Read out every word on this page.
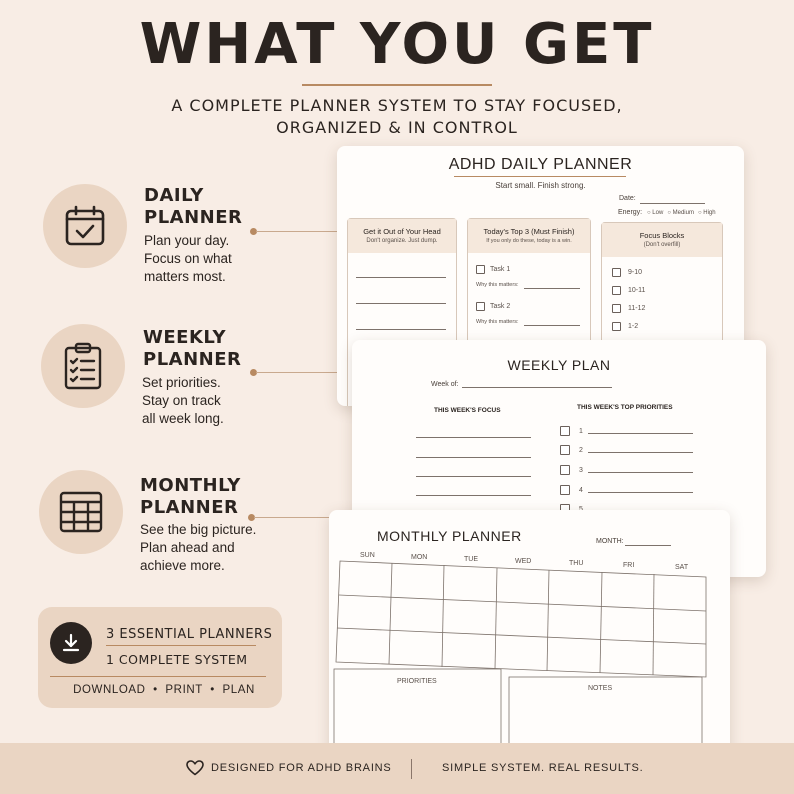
WHAT YOU GET
A COMPLETE PLANNER SYSTEM TO STAY FOCUSED,
ORGANIZED & IN CONTROL
DAILY
PLANNER
Plan your day.
Focus on what
matters most.
WEEKLY
PLANNER
Set priorities.
Stay on track
all week long.
MONTHLY
PLANNER
See the big picture.
Plan ahead and
achieve more.
3 ESSENTIAL PLANNERS
1 COMPLETE SYSTEM
DOWNLOAD  •  PRINT  •  PLAN
ADHD DAILY PLANNER
Start small. Finish strong.
Date:
Energy: ○ Low ○ Medium ○ High
Get it Out of Your Head
Don't organize. Just dump.
Today's Top 3 (Must Finish)
If you only do these, today is a win.
Task 1
Why this matters:
Task 2
Why this matters:
Focus Blocks
(Don't overfill)
9-10
10-11
11-12
1-2
WEEKLY PLAN
Week of:
THIS WEEK'S FOCUS	THIS WEEK'S TOP PRIORITIES
1
2
3
4
MONTHLY PLANNER	MONTH:
SUN	MON	TUE	WED	THU	FRI	SAT
PRIORITIES
NOTES
DESIGNED FOR ADHD BRAINS	SIMPLE SYSTEM. REAL RESULTS.
